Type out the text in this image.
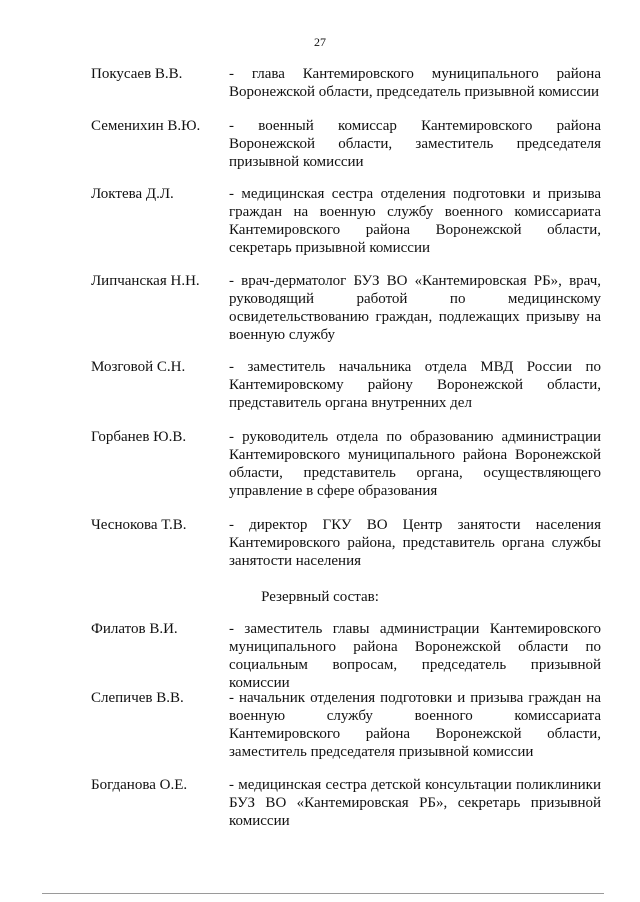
27
Покусаев В.В.	- глава Кантемировского муниципального района Воронежской области, председатель призывной комиссии
Семенихин В.Ю. - военный комиссар Кантемировского района Воронежской области, заместитель председателя призывной комиссии
Локтева Д.Л.	- медицинская сестра отделения подготовки и призыва граждан на военную службу военного комиссариата Кантемировского района Воронежской области, секретарь призывной комиссии
Липчанская Н.Н. - врач-дерматолог БУЗ ВО «Кантемировская РБ», врач, руководящий работой по медицинскому освидетельствованию граждан, подлежащих призыву на военную службу
Мозговой С.Н.	- заместитель начальника отдела МВД России по Кантемировскому району Воронежской области, представитель органа внутренних дел
Горбанев Ю.В.	- руководитель отдела по образованию администрации Кантемировского муниципального района Воронежской области, представитель органа, осуществляющего управление в сфере образования
Чеснокова Т.В.	- директор ГКУ ВО Центр занятости населения Кантемировского района, представитель органа службы занятости населения
Резервный состав:
Филатов В.И.	- заместитель главы администрации Кантемировского муниципального района Воронежской области по социальным вопросам, председатель призывной комиссии
Слепичев В.В.	- начальник отделения подготовки и призыва граждан на военную службу военного комиссариата Кантемировского района Воронежской области, заместитель председателя призывной комиссии
Богданова О.Е.	- медицинская сестра детской консультации поликлиники БУЗ ВО «Кантемировская РБ», секретарь призывной комиссии
